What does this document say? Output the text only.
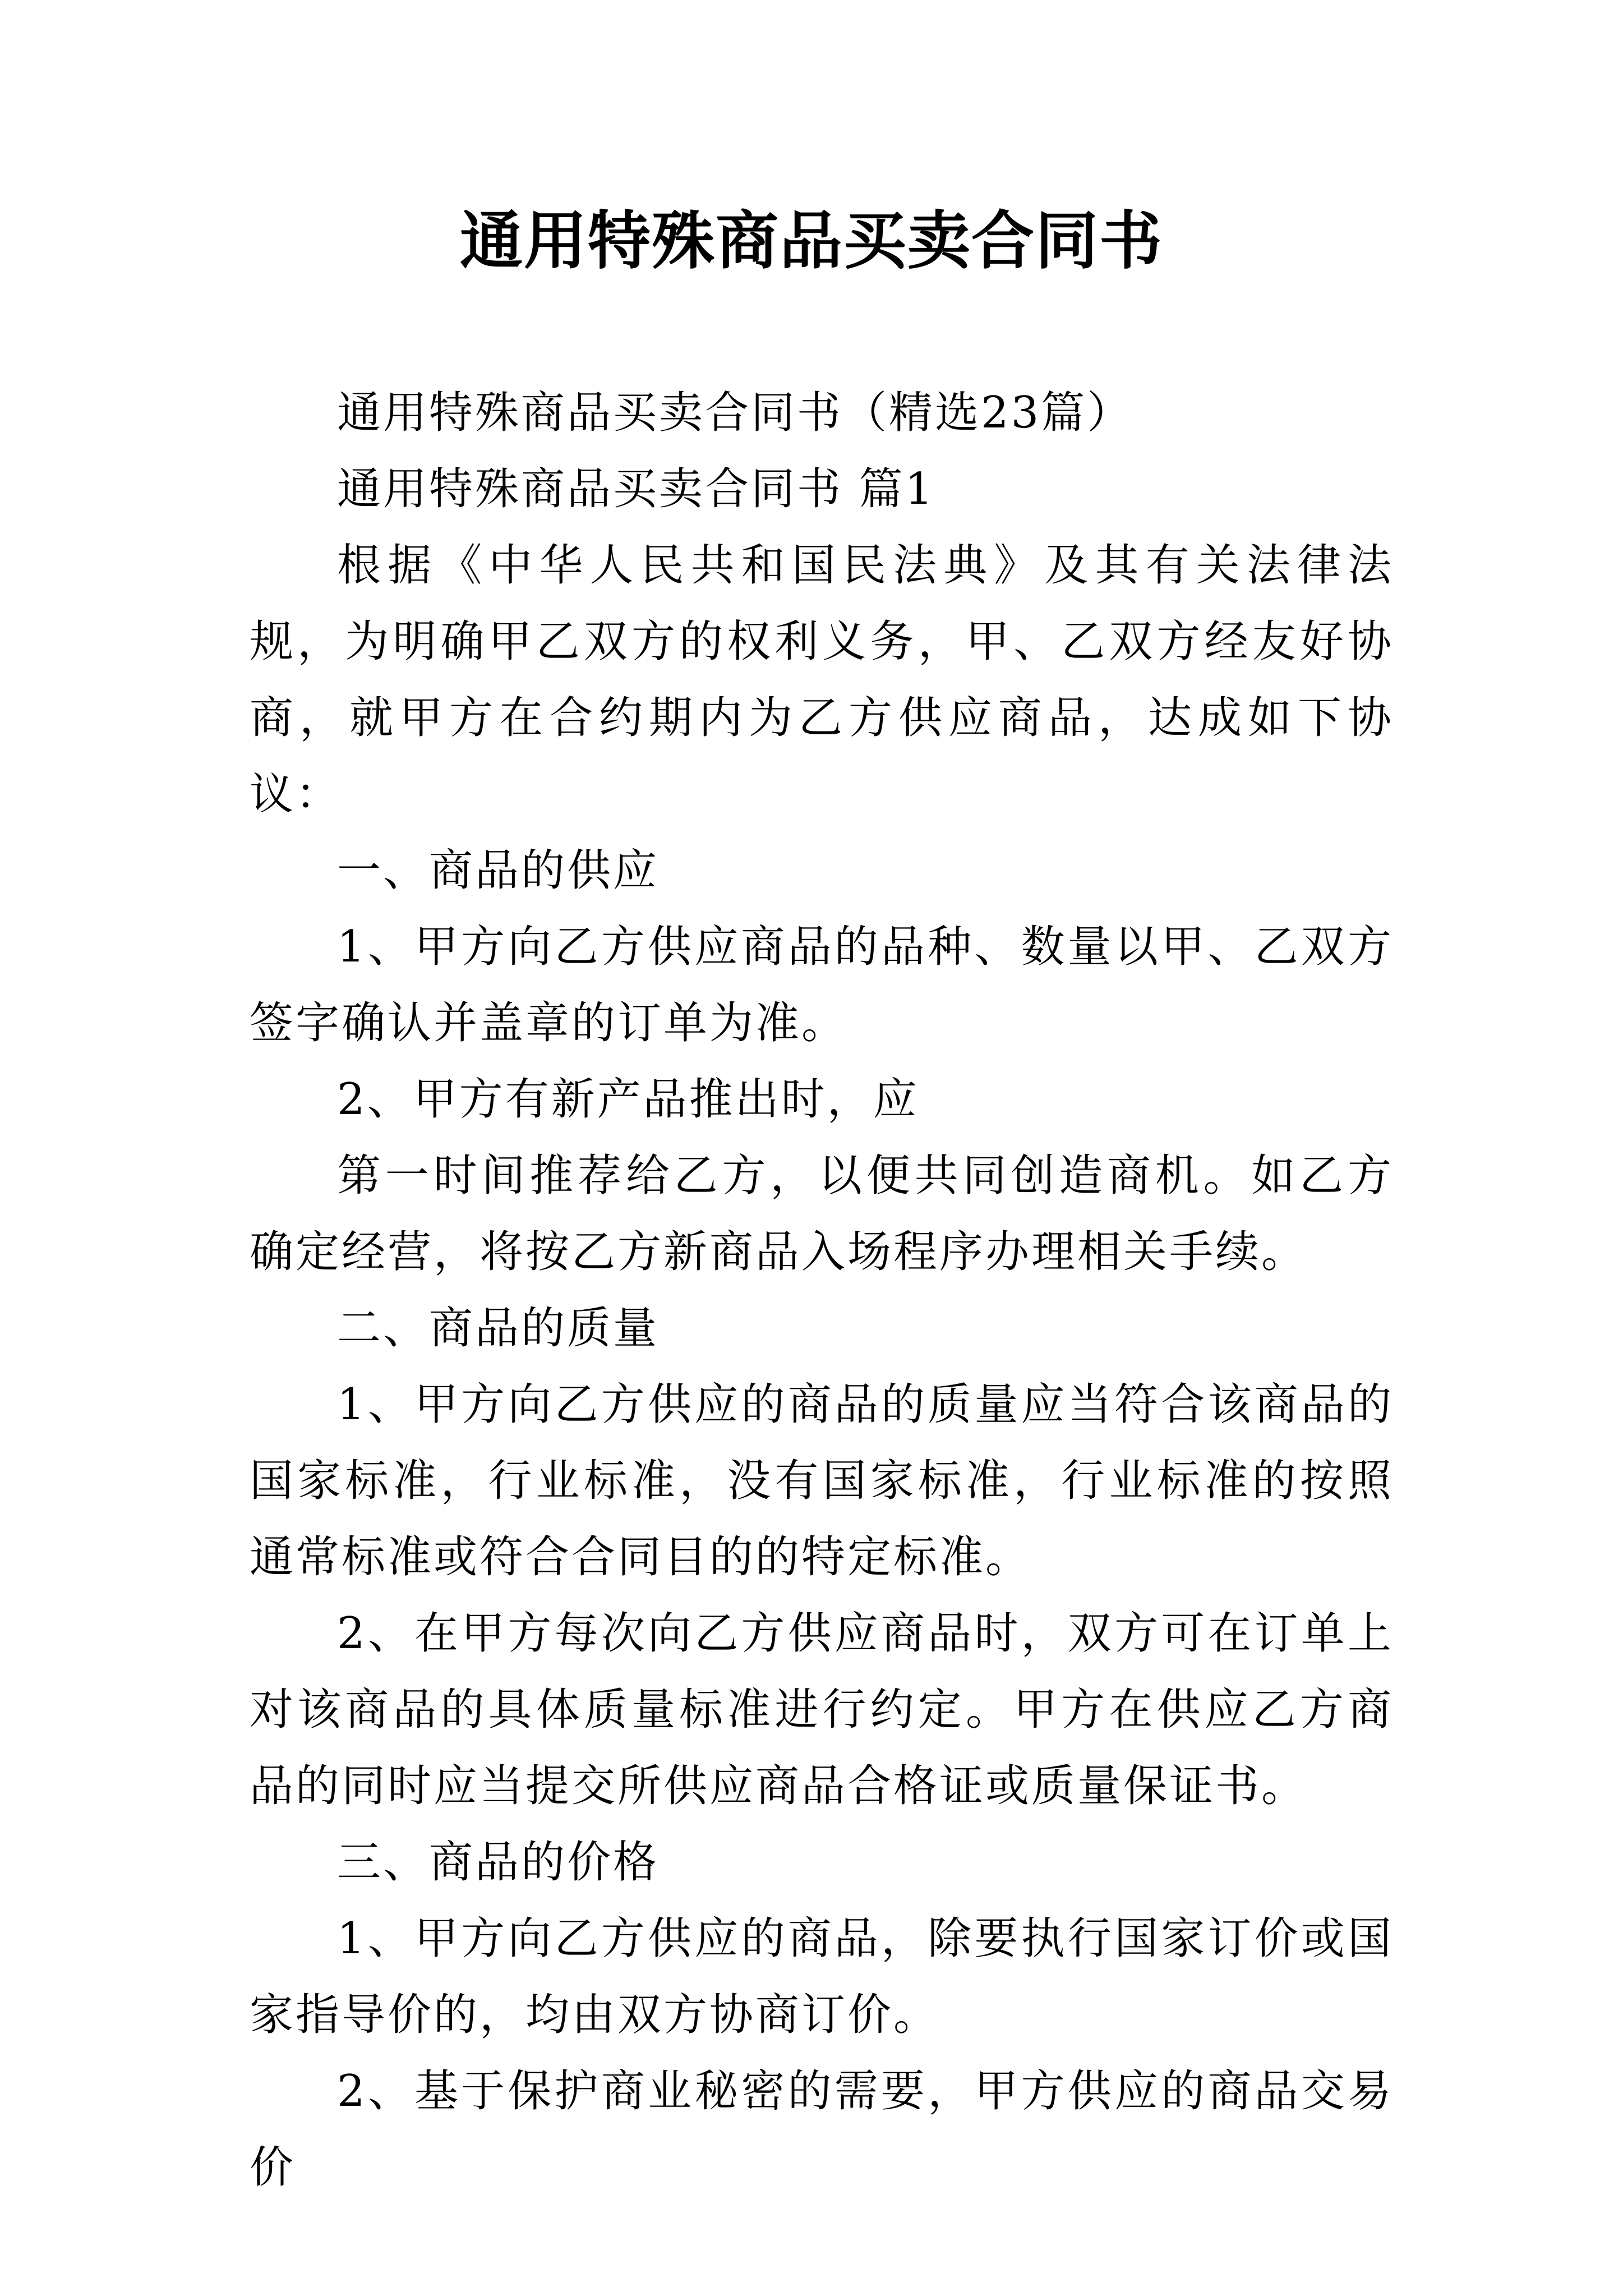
通用特殊商品买卖合同书

通用特殊商品买卖合同书（精选23篇）

通用特殊商品买卖合同书 篇1

根据《中华人民共和国民法典》及其有关法律法规，为明确甲乙双方的权利义务，甲、乙双方经友好协商，就甲方在合约期内为乙方供应商品，达成如下协议：

一、商品的供应

1、甲方向乙方供应商品的品种、数量以甲、乙双方签字确认并盖章的订单为准。

2、甲方有新产品推出时，应

第一时间推荐给乙方，以便共同创造商机。如乙方确定经营，将按乙方新商品入场程序办理相关手续。

二、商品的质量

1、甲方向乙方供应的商品的质量应当符合该商品的国家标准，行业标准，没有国家标准，行业标准的按照通常标准或符合合同目的的特定标准。

2、在甲方每次向乙方供应商品时，双方可在订单上对该商品的具体质量标准进行约定。甲方在供应乙方商品的同时应当提交所供应商品合格证或质量保证书。

三、商品的价格

1、甲方向乙方供应的商品，除要执行国家订价或国家指导价的，均由双方协商订价。

2、基于保护商业秘密的需要，甲方供应的商品交易价
